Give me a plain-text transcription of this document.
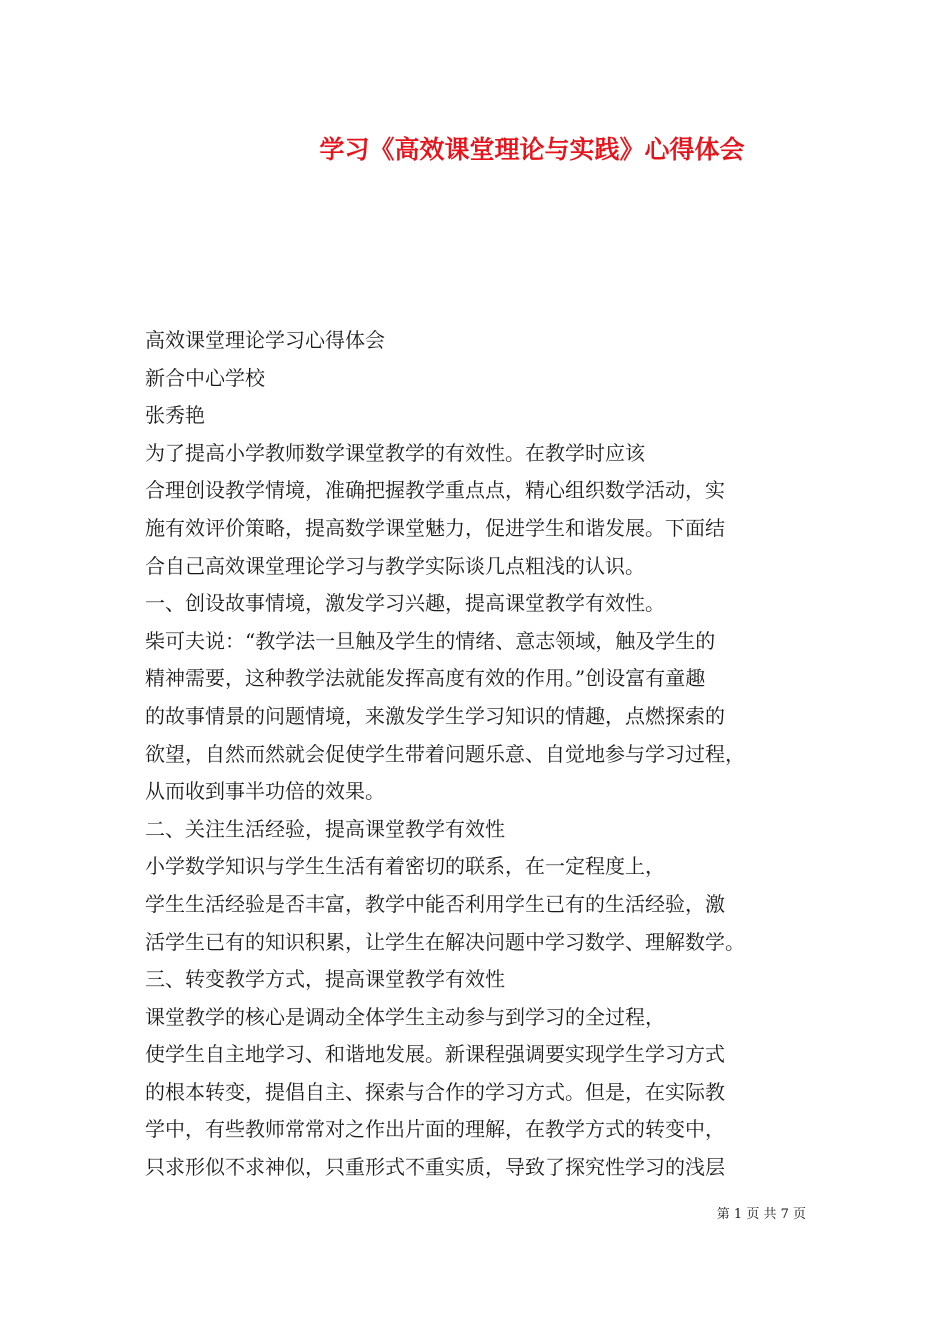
学习《高效课堂理论与实践》心得体会

高效课堂理论学习心得体会

新合中心学校

张秀艳

为了提高小学教师数学课堂教学的有效性。在教学时应该

合理创设教学情境，准确把握教学重点点，精心组织数学活动，实

施有效评价策略，提高数学课堂魅力，促进学生和谐发展。下面结

合自己高效课堂理论学习与教学实际谈几点粗浅的认识。

一、创设故事情境，激发学习兴趣，提高课堂教学有效性。

柴可夫说：“教学法一旦触及学生的情绪、意志领域，触及学生的

精神需要，这种教学法就能发挥高度有效的作用。”创设富有童趣

的故事情景的问题情境，来激发学生学习知识的情趣，点燃探索的

欲望，自然而然就会促使学生带着问题乐意、自觉地参与学习过程，

从而收到事半功倍的效果。

二、关注生活经验，提高课堂教学有效性

小学数学知识与学生生活有着密切的联系，在一定程度上，

学生生活经验是否丰富，教学中能否利用学生已有的生活经验，激

活学生已有的知识积累，让学生在解决问题中学习数学、理解数学。

三、转变教学方式，提高课堂教学有效性

课堂教学的核心是调动全体学生主动参与到学习的全过程，

使学生自主地学习、和谐地发展。新课程强调要实现学生学习方式

的根本转变，提倡自主、探索与合作的学习方式。但是，在实际教

学中，有些教师常常对之作出片面的理解，在教学方式的转变中，

只求形似不求神似，只重形式不重实质，导致了探究性学习的浅层

第 1 页 共 7 页
